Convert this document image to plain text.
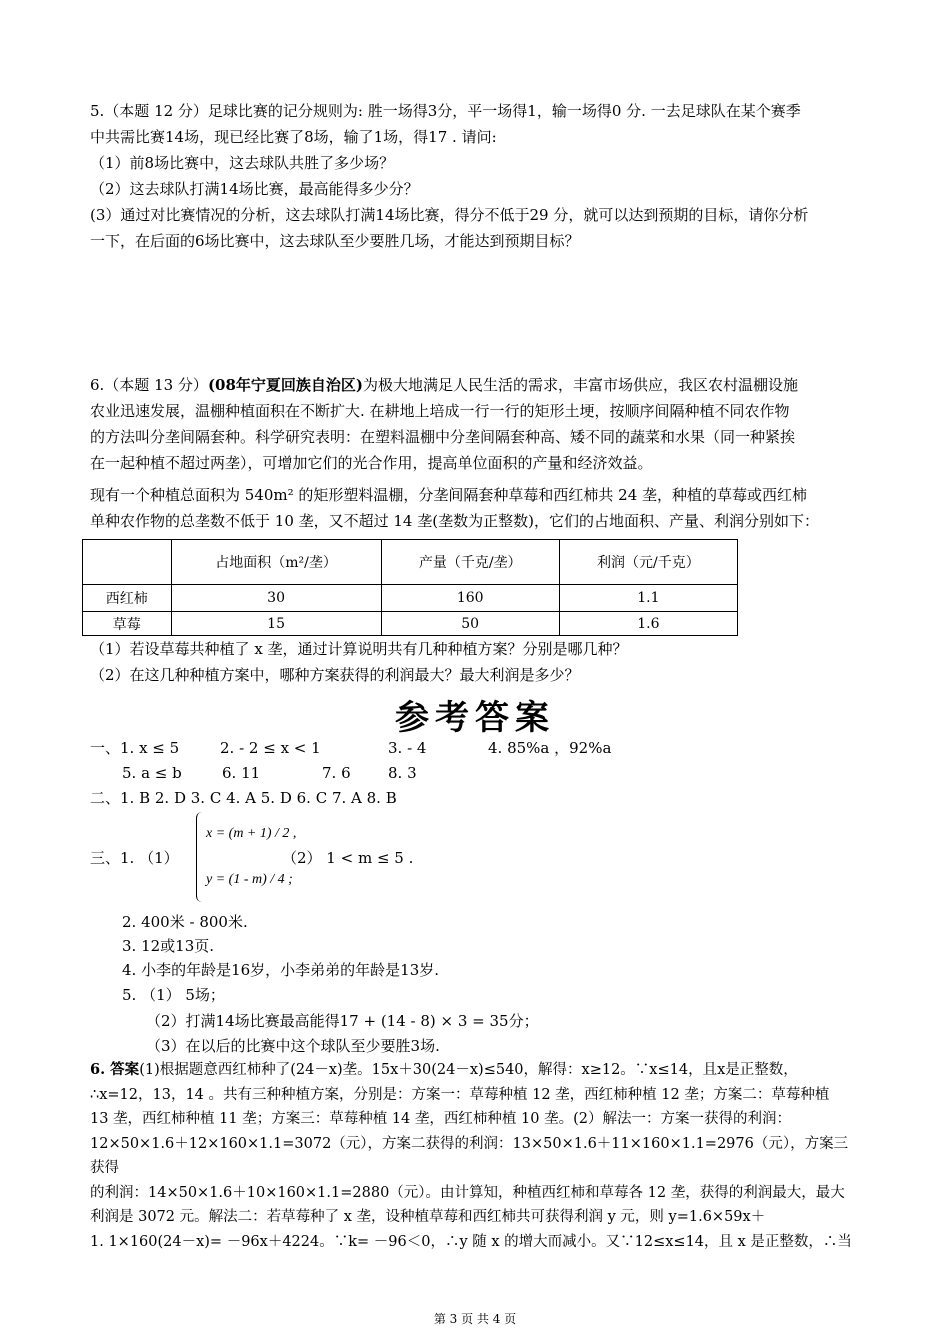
5.（本题 12 分）足球比赛的记分规则为: 胜一场得3分，平一场得1，输一场得0 分. 一去足球队在某个赛季
中共需比赛14场，现已经比赛了8场，输了1场，得17 . 请问:
（1）前8场比赛中，这去球队共胜了多少场？
（2）这去球队打满14场比赛，最高能得多少分？
(3）通过对比赛情况的分析，这去球队打满14场比赛，得分不低于29 分，就可以达到预期的目标，请你分析
一下，在后面的6场比赛中，这去球队至少要胜几场，才能达到预期目标？
6.（本题 13 分）(08年宁夏回族自治区)为极大地满足人民生活的需求，丰富市场供应，我区农村温棚设施
农业迅速发展，温棚种植面积在不断扩大. 在耕地上培成一行一行的矩形土埂，按顺序间隔种植不同农作物
的方法叫分垄间隔套种。科学研究表明：在塑料温棚中分垄间隔套种高、矮不同的蔬菜和水果（同一种紧挨
在一起种植不超过两垄），可增加它们的光合作用，提高单位面积的产量和经济效益。
现有一个种植总面积为 540m² 的矩形塑料温棚，分垄间隔套种草莓和西红柿共 24 垄，种植的草莓或西红柿
单种农作物的总垄数不低于 10 垄，又不超过 14 垄(垄数为正整数)，它们的占地面积、产量、利润分别如下：
	占地面积（m²/垄）	产量（千克/垄）	利润（元/千克）
西红柿	30	160	1.1
草莓	15	50	1.6
（1）若设草莓共种植了 x 垄，通过计算说明共有几种种植方案？分别是哪几种？
（2）在这几种种植方案中，哪种方案获得的利润最大？最大利润是多少？
参考答案
一、1. x ≤ 5	2. - 2 ≤ x < 1	3. - 4	4. 85%a ，92%a
5. a ≤ b	6. 11	7. 6 8. 3
二、1. B 2. D 3. C 4. A 5. D 6. C 7. A 8. B
三、1. （1）
x = (m + 1) / 2 ,
y = (1 - m) / 4 ;
（2） 1 < m ≤ 5 .
2. 400米 - 800米.
3. 12或13页.
4. 小李的年龄是16岁，小李弟弟的年龄是13岁.
5. （1） 5场；
（2）打满14场比赛最高能得17 + (14 - 8) × 3 = 35分；
（3）在以后的比赛中这个球队至少要胜3场.
6. 答案(1)根据题意西红柿种了(24－x)垄。15x＋30(24－x)≤540，解得：x≥12。∵x≤14，且x是正整数，
∴x=12，13，14 。共有三种种植方案，分别是：方案一：草莓种植 12 垄，西红柿种植 12 垄；方案二：草莓种植
13 垄，西红柿种植 11 垄；方案三：草莓种植 14 垄，西红柿种植 10 垄。(2）解法一：方案一获得的利润：
12×50×1.6＋12×160×1.1=3072（元），方案二获得的利润：13×50×1.6＋11×160×1.1=2976（元），方案三获得
的利润：14×50×1.6＋10×160×1.1=2880（元）。由计算知，种植西红柿和草莓各 12 垄，获得的利润最大，最大
利润是 3072 元。解法二：若草莓种了 x 垄，设种植草莓和西红柿共可获得利润 y 元，则 y=1.6×59x＋
1. 1×160(24－x)= －96x＋4224。∵k= －96＜0，∴y 随 x 的增大而减小。又∵12≤x≤14，且 x 是正整数，∴当
第 3 页 共 4 页
